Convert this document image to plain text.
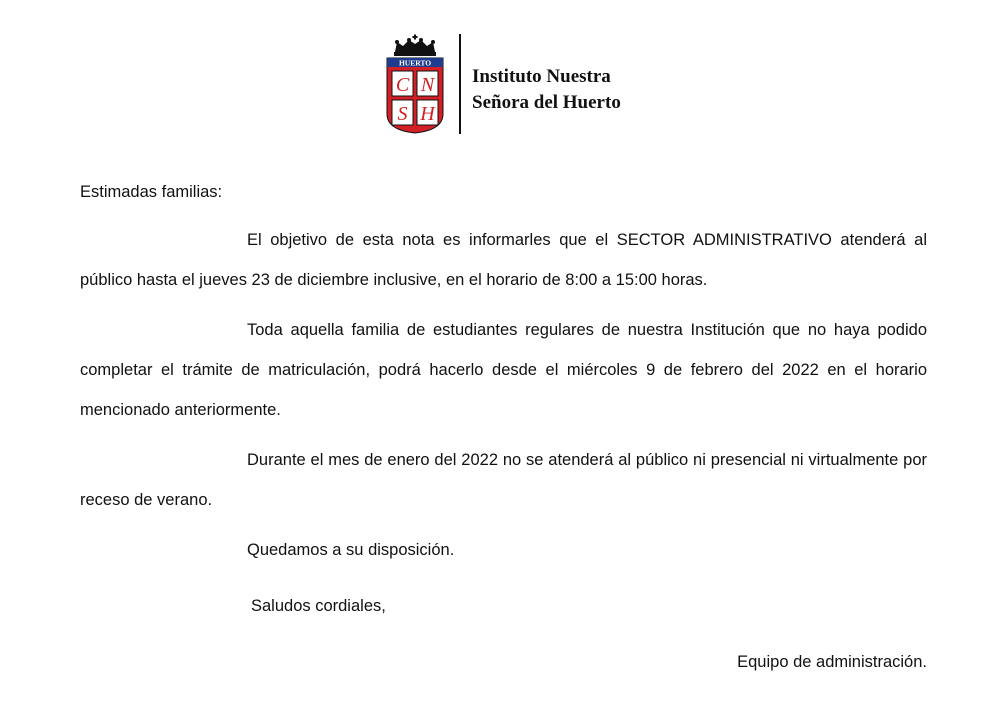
HUERTO
C N
S H
Instituto Nuestra
Señora del Huerto
Estimadas familias:
El objetivo de esta nota es informarles que el SECTOR ADMINISTRATIVO atenderá al público hasta el jueves 23 de diciembre inclusive, en el horario de 8:00 a 15:00 horas.
Toda aquella familia de estudiantes regulares de nuestra Institución que no haya podido completar el trámite de matriculación, podrá hacerlo desde el miércoles 9 de febrero del 2022 en el horario mencionado anteriormente.
Durante el mes de enero del 2022 no se atenderá al público ni presencial ni virtualmente por receso de verano.
Quedamos a su disposición.
Saludos cordiales,
Equipo de administración.
